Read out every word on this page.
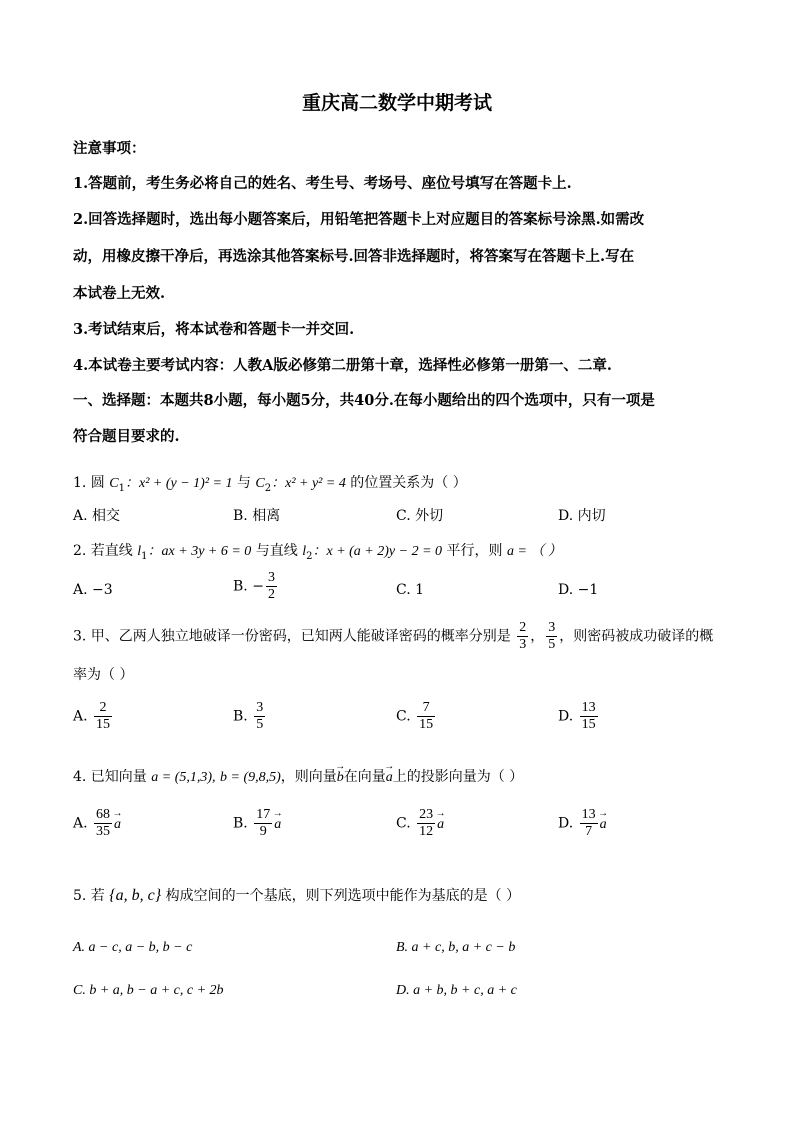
重庆高二数学中期考试
注意事项：
1.答题前，考生务必将自己的姓名、考生号、考场号、座位号填写在答题卡上.
2.回答选择题时，选出每小题答案后，用铅笔把答题卡上对应题目的答案标号涂黑.如需改
动，用橡皮擦干净后，再选涂其他答案标号.回答非选择题时，将答案写在答题卡上.写在
本试卷上无效.
3.考试结束后，将本试卷和答题卡一并交回.
4.本试卷主要考试内容：人教A版必修第二册第十章，选择性必修第一册第一、二章.
一、选择题：本题共8小题，每小题5分，共40分.在每小题给出的四个选项中，只有一项是
符合题目要求的.
1. 圆 $C_1$：x² + (y − 1)² = 1 与 $C_2$：x² + y² = 4 的位置关系为（ ）
A. 相交	B. 相离	C. 外切	D. 内切
2. 若直线 $l_1$：ax + 3y + 6 = 0 与直线 $l_2$：x + (a + 2)y − 2 = 0 平行，则 a = （ ）
A. −3	B. − $\frac{3}{2}$	C. 1	D. −1
3. 甲、乙两人独立地破译一份密码，已知两人能破译密码的概率分别是 $\frac{2}{3}$ ， $\frac{3}{5}$ ，则密码被成功破译的概
率为（ ）
A. $\frac{2}{15}$	B. $\frac{3}{5}$	C. $\frac{7}{15}$	D. $\frac{13}{15}$
4. 已知向量 a = (5,1,3), b = (9,8,5)，则向量→ b在向量→ a上的投影向量为（ ）
A. $\frac{68}{35}$
→ a	B. $\frac{17}{9}$
→ a	C. $\frac{23}{12}$
→ a	D. $\frac{13}{7}$
→ a
5. 若 {a, b, c} 构成空间的一个基底，则下列选项中能作为基底的是（ ）
A. a − c, a − b, b − c	B. a + c, b, a + c − b
C. b + a, b − a + c, c + 2b	D. a + b, b + c, a + c
